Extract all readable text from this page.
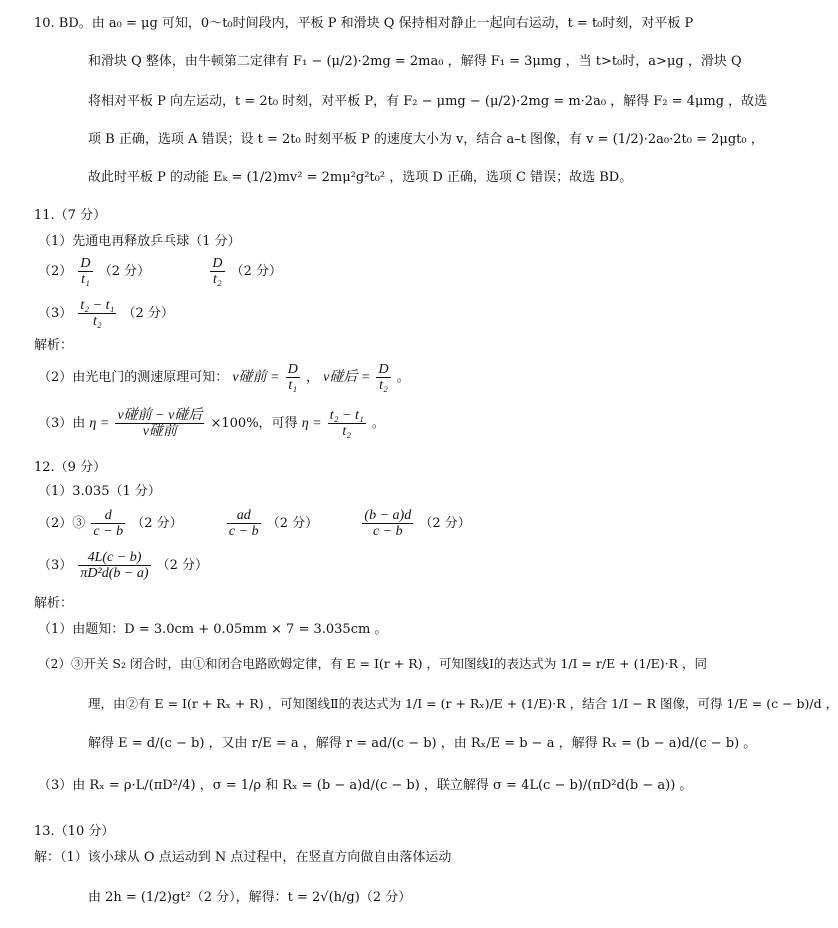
10. BD。由 a₀ = μg 可知，0～t₀时间段内，平板 P 和滑块 Q 保持相对静止一起向右运动，t = t₀时刻，对平板 P
和滑块 Q 整体，由牛顿第二定律有 F₁ − (μ/2)·2mg = 2ma₀ ，解得 F₁ = 3μmg ，当 t>t₀时，a>μg ，滑块 Q
将相对平板 P 向左运动，t = 2t₀ 时刻，对平板 P，有 F₂ − μmg − (μ/2)·2mg = m·2a₀ ，解得 F₂ = 4μmg ，故选
项 B 正确，选项 A 错误；设 t = 2t₀ 时刻平板 P 的速度大小为 v，结合 a–t 图像，有 v = (1/2)·2a₀·2t₀ = 2μgt₀ ，
故此时平板 P 的动能 Eₖ = (1/2)mv² = 2mμ²g²t₀² ，选项 D 正确，选项 C 错误；故选 BD。
11.（7 分）
（1）先通电再释放乒乓球（1 分）
$(2) \frac{D}{\text{t₁}} (2$ 分）	$\frac{D}{\text{t₂}} (2$ 分）
$(3) \frac{\text{t₂ − t₁}}{\text{t₂}} (2$ 分）
解析：
（2）由光电门的测速原理可知： v碰前 = $\frac{D}{\text{t₁}}$ ， v碰后 = $\frac{D}{\text{t₂}}$ 。
（3）由 $\eta = \frac{\text{v碰前 − v碰后}}{\text{v碰前}} \times 100\%$，可得 $\eta = \frac{\text{t₂ − t₁}}{\text{t₂}}$ 。
12.（9 分）
（1）3.035（1 分）
（2）③ $\frac{d}{c - b} (2$ 分）	$\frac{ad}{c - b} (2$ 分）	$\frac{(b - a)d}{c - b} (2$ 分）
$(3) \frac{4L(c - b)}{\text{πD²d(b − a)}} (2$ 分）
解析：
（1）由题知：D = 3.0cm + 0.05mm × 7 = 3.035cm 。
（2）③开关 S₂ 闭合时，由①和闭合电路欧姆定律，有 E = I(r + R) ，可知图线Ⅰ的表达式为 1/I = r/E + (1/E)·R ，同
理，由②有 E = I(r + Rₓ + R) ，可知图线Ⅱ的表达式为 1/I = (r + Rₓ)/E + (1/E)·R ，结合 1/I − R 图像，可得 1/E = (c − b)/d ，
解得 E = d/(c − b) ，又由 r/E = a ，解得 r = ad/(c − b) ，由 Rₓ/E = b − a ，解得 Rₓ = (b − a)d/(c − b) 。
（3）由 Rₓ = ρ·L/(πD²/4) ，σ = 1/ρ 和 Rₓ = (b − a)d/(c − b) ，联立解得 σ = 4L(c − b)/(πD²d(b − a)) 。
13.（10 分）
解：（1）该小球从 O 点运动到 N 点过程中，在竖直方向做自由落体运动
由 2h = (1/2)gt²（2 分），解得：t = 2√(h/g)（2 分）
